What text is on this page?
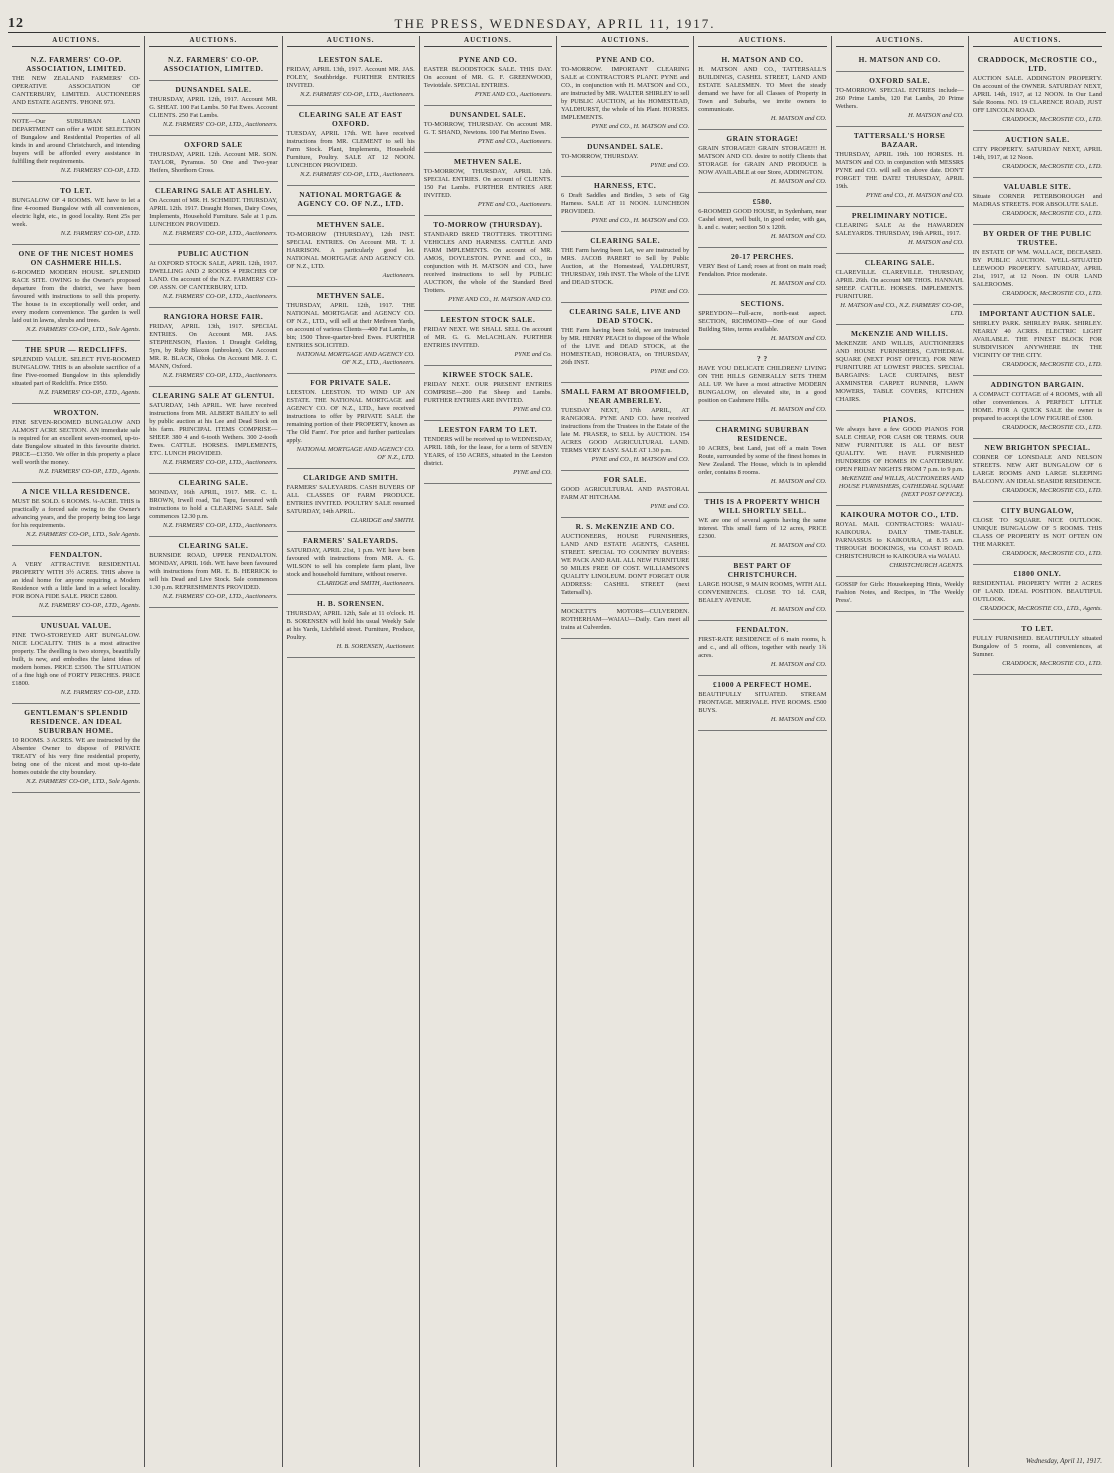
12	THE PRESS, WEDNESDAY, APRIL 11, 1917.
AUCTIONS.
N.Z. FARMERS' CO-OP. ASSOCIATION, LIMITED.

THE NEW ZEALAND FARMERS' CO-OPERATIVE ASSOCIATION OF CANTERBURY, LIMITED. AUCTIONEERS AND ESTATE AGENTS. 'PHONE 973.

NOTE—Our SUBURBAN LAND DEPARTMENT can offer a WIDE SELECTION of Bungalow and Residential Properties of all kinds in and around Christchurch, and intending buyers will be afforded every assistance in fulfilling their requirements.

N.Z. FARMERS' CO-OP., LTD.

TO LET.

BUNGALOW OF 4 ROOMS. WE have to let a fine 4-roomed Bungalow with all conveniences, electric light, etc., in good locality. Rent 25s per week.

N.Z. FARMERS' CO-OP., LTD.

ONE OF THE NICEST HOMES ON CASHMERE HILLS.

6-ROOMED MODERN HOUSE. SPLENDID RACE SITE. OWING to the Owner's proposed departure from the district, we have been favoured with instructions to sell this property. The house is in exceptionally well order, and every modern convenience. The garden is well laid out in lawns, shrubs and trees.

N.Z. FARMERS' CO-OP., LTD., Sole Agents.

THE SPUR — REDCLIFFS.

SPLENDID VALUE. SELECT FIVE-ROOMED BUNGALOW. THIS is an absolute sacrifice of a fine Five-roomed Bungalow in this splendidly situated part of Redcliffs. Price £950.

N.Z. FARMERS' CO-OP., LTD., Agents.

WROXTON.

FINE SEVEN-ROOMED BUNGALOW AND ALMOST ACRE SECTION. AN immediate sale is required for an excellent seven-roomed, up-to-date Bungalow situated in this favourite district. PRICE—£1350. We offer in this property a place well worth the money.

N.Z. FARMERS' CO-OP., LTD., Agents.

A NICE VILLA RESIDENCE.

MUST BE SOLD. 6 ROOMS. ¼-ACRE. THIS is practically a forced sale owing to the Owner's advancing years, and the property being too large for his requirements.

N.Z. FARMERS' CO-OP., LTD., Sole Agents.

FENDALTON.

A VERY ATTRACTIVE RESIDENTIAL PROPERTY WITH 3½ ACRES. THIS above is an ideal home for anyone requiring a Modern Residence with a little land in a select locality. FOR BONA FIDE SALE. PRICE £2800.

N.Z. FARMERS' CO-OP., LTD., Agents.

UNUSUAL VALUE.

FINE TWO-STOREYED ART BUNGALOW. NICE LOCALITY. THIS is a most attractive property. The dwelling is two storeys, beautifully built, is new, and embodies the latest ideas of modern homes. PRICE £3500. The SITUATION of a fine high one of FORTY PERCHES. PRICE £1800.

N.Z. FARMERS' CO-OP., LTD.

GENTLEMAN'S SPLENDID RESIDENCE. AN IDEAL SUBURBAN HOME.

10 ROOMS. 3 ACRES. WE are instructed by the Absentee Owner to dispose of PRIVATE TREATY of his very fine residential property, being one of the nicest and most up-to-date homes outside the city boundary.

N.Z. FARMERS' CO-OP., LTD., Sole Agents.

AUCTIONS.
N.Z. FARMERS' CO-OP. ASSOCIATION, LIMITED.
DUNSANDEL SALE.

THURSDAY, APRIL 12th, 1917. Account MR. G. SHEAT. 100 Fat Lambs. 50 Fat Ewes. Account CLIENTS. 250 Fat Lambs.

N.Z. FARMERS' CO-OP., LTD., Auctioneers.

OXFORD SALE

THURSDAY, APRIL 12th. Account MR. SON. TAYLOR, Pyramus. 50 One and Two-year Heifers, Shorthorn Cross.

CLEARING SALE AT ASHLEY.

On Account of MR. H. SCHMIDT. THURSDAY, APRIL 12th. 1917. Draught Horses, Dairy Cows, Implements, Household Furniture. Sale at 1 p.m. LUNCHEON PROVIDED.

N.Z. FARMERS' CO-OP., LTD., Auctioneers.

PUBLIC AUCTION

At OXFORD STOCK SALE, APRIL 12th, 1917. DWELLING AND 2 ROODS 4 PERCHES OF LAND. On account of the N.Z. FARMERS' CO-OP. ASSN. OF CANTERBURY, LTD.

N.Z. FARMERS' CO-OP., LTD., Auctioneers.

RANGIORA HORSE FAIR.

FRIDAY, APRIL 13th, 1917. SPECIAL ENTRIES. On Account MR. JAS. STEPHENSON, Flaxton. 1 Draught Gelding, 5yrs, by Ruby Blaxon (unbroken). On Account MR. R. BLACK, Ohoka. On Account MR. J. C. MANN, Oxford.

N.Z. FARMERS' CO-OP., LTD., Auctioneers.

CLEARING SALE AT GLENTUI.

SATURDAY, 14th APRIL. WE have received instructions from MR. ALBERT BAILEY to sell by public auction at his Lee and Dead Stock on his farm. PRINCIPAL ITEMS COMPRISE—SHEEP. 380 4 and 6-tooth Wethers. 300 2-tooth Ewes. CATTLE. HORSES. IMPLEMENTS, ETC. LUNCH PROVIDED.

N.Z. FARMERS' CO-OP., LTD., Auctioneers.

CLEARING SALE.

MONDAY, 16th APRIL, 1917. MR. C. L. BROWN, Irwell road, Tai Tapu, favoured with instructions to hold a CLEARING SALE. Sale commences 12.30 p.m.

N.Z. FARMERS' CO-OP., LTD., Auctioneers.

CLEARING SALE.

BURNSIDE ROAD, UPPER FENDALTON. MONDAY, APRIL 16th. WE have been favoured with instructions from MR. E. B. HERRICK to sell his Dead and Live Stock. Sale commences 1.30 p.m. REFRESHMENTS PROVIDED.

N.Z. FARMERS' CO-OP., LTD., Auctioneers.

AUCTIONS.
LEESTON SALE.

FRIDAY, APRIL 13th, 1917. Account MR. JAS. FOLEY, Southbridge. FURTHER ENTRIES INVITED.

N.Z. FARMERS' CO-OP., LTD., Auctioneers.

CLEARING SALE AT EAST OXFORD.

TUESDAY, APRIL 17th. WE have received instructions from MR. CLEMENT to sell his Farm Stock. Plant, Implements, Household Furniture, Poultry. SALE AT 12 NOON. LUNCHEON PROVIDED.

N.Z. FARMERS' CO-OP., LTD., Auctioneers.

NATIONAL MORTGAGE & AGENCY CO. OF N.Z., LTD.
METHVEN SALE.

TO-MORROW (THURSDAY), 12th INST. SPECIAL ENTRIES. On Account MR. T. J. HARRISON. A particularly good lot. NATIONAL MORTGAGE AND AGENCY CO. OF N.Z., LTD.

Auctioneers.

METHVEN SALE.

THURSDAY, APRIL 12th, 1917. THE NATIONAL MORTGAGE and AGENCY CO. OF N.Z., LTD., will sell at their Methven Yards, on account of various Clients—400 Fat Lambs, in bin; 1500 Three-quarter-bred Ewes. FURTHER ENTRIES SOLICITED.

NATIONAL MORTGAGE AND AGENCY CO. OF N.Z., LTD., Auctioneers.

FOR PRIVATE SALE.

LEESTON. LEESTON. TO WIND UP AN ESTATE. THE NATIONAL MORTGAGE and AGENCY CO. OF N.Z., LTD., have received instructions to offer by PRIVATE SALE the remaining portion of their PROPERTY, known as 'The Old Farm'. For price and further particulars apply.

NATIONAL MORTGAGE AND AGENCY CO. OF N.Z., LTD.

CLARIDGE AND SMITH.

FARMERS' SALEYARDS. CASH BUYERS OF ALL CLASSES OF FARM PRODUCE. ENTRIES INVITED. POULTRY SALE resumed SATURDAY, 14th APRIL.

CLARIDGE and SMITH.

FARMERS' SALEYARDS.

SATURDAY, APRIL 21st, 1 p.m. WE have been favoured with instructions from MR. A. G. WILSON to sell his complete farm plant, live stock and household furniture, without reserve.

CLARIDGE and SMITH, Auctioneers.

H. B. SORENSEN.

THURSDAY, APRIL 12th, Sale at 11 o'clock. H. B. SORENSEN will hold his usual Weekly Sale at his Yards, Lichfield street. Furniture, Produce, Poultry.

H. B. SORENSEN, Auctioneer.

AUCTIONS.
PYNE AND CO.

EASTER BLOODSTOCK SALE. THIS DAY. On account of MR. G. F. GREENWOOD, Teviotdale. SPECIAL ENTRIES.

PYNE AND CO., Auctioneers.

DUNSANDEL SALE.

TO-MORROW, THURSDAY. On account MR. G. T. SHAND, Newtons. 100 Fat Merino Ewes.

PYNE and CO., Auctioneers.

METHVEN SALE.

TO-MORROW, THURSDAY, APRIL 12th. SPECIAL ENTRIES. On account of CLIENTS. 150 Fat Lambs. FURTHER ENTRIES ARE INVITED.

PYNE and CO., Auctioneers.

TO-MORROW (THURSDAY).

STANDARD BRED TROTTERS. TROTTING VEHICLES AND HARNESS. CATTLE AND FARM IMPLEMENTS. On account of MR. AMOS, DOYLESTON. PYNE and CO., in conjunction with H. MATSON and CO., have received instructions to sell by PUBLIC AUCTION, the whole of the Standard Bred Trotters.

PYNE AND CO., H. MATSON AND CO.

LEESTON STOCK SALE.

FRIDAY NEXT. WE SHALL SELL On account of MR. G. G. McLACHLAN. FURTHER ENTRIES INVITED.

PYNE and Co.

KIRWEE STOCK SALE.

FRIDAY NEXT. OUR PRESENT ENTRIES COMPRISE—200 Fat Sheep and Lambs. FURTHER ENTRIES ARE INVITED.

PYNE and CO.

LEESTON FARM TO LET.

TENDERS will be received up to WEDNESDAY, APRIL 18th, for the lease, for a term of SEVEN YEARS, of 150 ACRES, situated in the Leeston district.

PYNE and CO.

AUCTIONS.
PYNE AND CO.

TO-MORROW. IMPORTANT CLEARING SALE at CONTRACTOR'S PLANT. PYNE and CO., in conjunction with H. MATSON and CO., are instructed by MR. WALTER SHIRLEY to sell by PUBLIC AUCTION, at his HOMESTEAD, YALDHURST, the whole of his Plant. HORSES. IMPLEMENTS.

PYNE and CO., H. MATSON and CO.

DUNSANDEL SALE.

TO-MORROW, THURSDAY.

PYNE and CO.

HARNESS, ETC.

6 Draft Saddles and Bridles, 3 sets of Gig Harness. SALE AT 11 NOON. LUNCHEON PROVIDED.

PYNE and CO., H. MATSON and CO.

CLEARING SALE.

THE Farm having been Let, we are instructed by MRS. JACOB PARERT to Sell by Public Auction, at the Homestead, YALDHURST, THURSDAY, 19th INST. The Whole of the LIVE and DEAD STOCK.

PYNE and CO.

CLEARING SALE, LIVE AND DEAD STOCK.

THE Farm having been Sold, we are instructed by MR. HENRY PEACH to dispose of the Whole of the LIVE and DEAD STOCK, at the HOMESTEAD, HORORATA, on THURSDAY, 26th INST.

PYNE and CO.

SMALL FARM AT BROOMFIELD, NEAR AMBERLEY.

TUESDAY NEXT, 17th APRIL, AT RANGIORA. PYNE AND CO. have received instructions from the Trustees in the Estate of the late M. FRASER, to SELL by AUCTION. 154 ACRES GOOD AGRICULTURAL LAND. TERMS VERY EASY. SALE AT 1.30 p.m.

PYNE and CO., H. MATSON and CO.

FOR SALE.

GOOD AGRICULTURAL AND PASTORAL FARM AT HITCHAM.

PYNE and CO.

R. S. McKENZIE AND CO.

AUCTIONEERS, HOUSE FURNISHERS, LAND AND ESTATE AGENTS, CASHEL STREET. SPECIAL TO COUNTRY BUYERS: WE PACK AND RAIL ALL NEW FURNITURE 50 MILES FREE OF COST. WILLIAMSON'S QUALITY LINOLEUM. DON'T FORGET OUR ADDRESS: CASHEL STREET (next Tattersall's).

MOCKETT'S MOTORS—CULVERDEN. ROTHERHAM—WAIAU—Daily. Cars meet all trains at Culverden.

AUCTIONS.
H. MATSON AND CO.

H. MATSON AND CO., TATTERSALL'S BUILDINGS, CASHEL STREET, LAND AND ESTATE SALESMEN. TO Meet the steady demand we have for all Classes of Property in Town and Suburbs, we invite owners to communicate.

H. MATSON and CO.

GRAIN STORAGE!

GRAIN STORAGE!! GRAIN STORAGE!!! H. MATSON AND CO. desire to notify Clients that STORAGE for GRAIN AND PRODUCE is NOW AVAILABLE at our Store, ADDINGTON.

H. MATSON and CO.

£580.

6-ROOMED GOOD HOUSE, in Sydenham, near Cashel street, well built, in good order, with gas, h. and c. water; section 50 x 120ft.

H. MATSON and CO.

20-17 PERCHES.

VERY Best of Land; roses at front on main road; Fendalton. Price moderate.

H. MATSON and CO.

SECTIONS.

SPREYDON—Full-acre, north-east aspect. SECTION, RICHMOND—One of our Good Building Sites, terms available.

H. MATSON and CO.

? ?

HAVE YOU DELICATE CHILDREN? LIVING ON THE HILLS GENERALLY SETS THEM ALL UP. We have a most attractive MODERN BUNGALOW, on elevated site, in a good position on Cashmere Hills.

H. MATSON and CO.

CHARMING SUBURBAN RESIDENCE.

10 ACRES, best Land, just off a main Town Route, surrounded by some of the finest homes in New Zealand. The House, which is in splendid order, contains 8 rooms.

H. MATSON and CO.

THIS IS A PROPERTY WHICH WILL SHORTLY SELL.

WE are one of several agents having the same interest. This small farm of 12 acres, PRICE £2300.

H. MATSON and CO.

BEST PART OF CHRISTCHURCH.

LARGE HOUSE, 9 MAIN ROOMS, WITH ALL CONVENIENCES. CLOSE TO 1d. CAR, BEALEY AVENUE.

H. MATSON and CO.

FENDALTON.

FIRST-RATE RESIDENCE of 6 main rooms, h. and c., and all offices, together with nearly 1¾ acres.

H. MATSON and CO.

£1000 A PERFECT HOME.

BEAUTIFULLY SITUATED. STREAM FRONTAGE. MERIVALE. FIVE ROOMS. £500 BUYS.

H. MATSON and CO.

AUCTIONS.
H. MATSON AND CO.
OXFORD SALE.

TO-MORROW. SPECIAL ENTRIES include—260 Prime Lambs, 120 Fat Lambs, 20 Prime Wethers.

H. MATSON and CO.

TATTERSALL'S HORSE BAZAAR.

THURSDAY, APRIL 19th. 100 HORSES. H. MATSON and CO. in conjunction with MESSRS PYNE and CO. will sell on above date. DON'T FORGET THE DATE! THURSDAY, APRIL 19th.

PYNE and CO., H. MATSON and CO.

PRELIMINARY NOTICE.

CLEARING SALE At the HAWARDEN SALEYARDS. THURSDAY, 19th APRIL, 1917.

H. MATSON and CO.

CLEARING SALE.

CLAREVILLE. CLAREVILLE. THURSDAY, APRIL 26th. On account MR THOS. HANNAH. SHEEP. CATTLE. HORSES. IMPLEMENTS. FURNITURE.

H. MATSON and CO., N.Z. FARMERS' CO-OP., LTD.

McKENZIE AND WILLIS.

McKENZIE AND WILLIS, AUCTIONEERS AND HOUSE FURNISHERS, CATHEDRAL SQUARE (NEXT POST OFFICE). FOR NEW FURNITURE AT LOWEST PRICES. SPECIAL BARGAINS: LACE CURTAINS, BEST AXMINSTER CARPET RUNNER, LAWN MOWERS, TABLE COVERS, KITCHEN CHAIRS.

PIANOS.

We always have a few GOOD PIANOS FOR SALE CHEAP, FOR CASH OR TERMS. OUR NEW FURNITURE IS ALL OF BEST QUALITY. WE HAVE FURNISHED HUNDREDS OF HOMES IN CANTERBURY. OPEN FRIDAY NIGHTS FROM 7 p.m. to 9 p.m.

McKENZIE and WILLIS, AUCTIONEERS AND HOUSE FURNISHERS, CATHEDRAL SQUARE (NEXT POST OFFICE).

KAIKOURA MOTOR CO., LTD.

ROYAL MAIL CONTRACTORS: WAIAU-KAIKOURA. DAILY TIME-TABLE. PARNASSUS to KAIKOURA, at 8.15 a.m. THROUGH BOOKINGS, via COAST ROAD. CHRISTCHURCH to KAIKOURA via WAIAU.

CHRISTCHURCH AGENTS.

GOSSIP for Girls: Housekeeping Hints, Weekly Fashion Notes, and Recipes, in 'The Weekly Press'.

AUCTIONS.
CRADDOCK, McCROSTIE CO., LTD.

AUCTION SALE. ADDINGTON PROPERTY. On account of the OWNER. SATURDAY NEXT, APRIL 14th, 1917, at 12 NOON. In Our Land Sale Rooms. NO. 19 CLARENCE ROAD, JUST OFF LINCOLN ROAD.

CRADDOCK, McCROSTIE CO., LTD.

AUCTION SALE.

CITY PROPERTY. SATURDAY NEXT, APRIL 14th, 1917, at 12 Noon.

CRADDOCK, McCROSTIE CO., LTD.

VALUABLE SITE.

Situate CORNER PETERBOROUGH and MADRAS STREETS. FOR ABSOLUTE SALE.

CRADDOCK, McCROSTIE CO., LTD.

BY ORDER OF THE PUBLIC TRUSTEE.

IN ESTATE OF WM. WALLACE, DECEASED. BY PUBLIC AUCTION. WELL-SITUATED LEEWOOD PROPERTY. SATURDAY, APRIL 21st, 1917, at 12 Noon. IN OUR LAND SALEROOMS.

CRADDOCK, McCROSTIE CO., LTD.

IMPORTANT AUCTION SALE.

SHIRLEY PARK. SHIRLEY PARK. SHIRLEY. NEARLY 40 ACRES. ELECTRIC LIGHT AVAILABLE. THE FINEST BLOCK FOR SUBDIVISION ANYWHERE IN THE VICINITY OF THE CITY.

CRADDOCK, McCROSTIE CO., LTD.

ADDINGTON BARGAIN.

A COMPACT COTTAGE of 4 ROOMS, with all other conveniences. A PERFECT LITTLE HOME. FOR A QUICK SALE the owner is prepared to accept the LOW FIGURE of £300.

CRADDOCK, McCROSTIE CO., LTD.

NEW BRIGHTON SPECIAL.

CORNER OF LONSDALE AND NELSON STREETS. NEW ART BUNGALOW OF 6 LARGE ROOMS AND LARGE SLEEPING BALCONY. AN IDEAL SEASIDE RESIDENCE.

CRADDOCK, McCROSTIE CO., LTD.

CITY BUNGALOW,

CLOSE TO SQUARE. NICE OUTLOOK. UNIQUE BUNGALOW OF 5 ROOMS. THIS CLASS OF PROPERTY IS NOT OFTEN ON THE MARKET.

CRADDOCK, McCROSTIE CO., LTD.

£1800 ONLY.

RESIDENTIAL PROPERTY WITH 2 ACRES OF LAND. IDEAL POSITION. BEAUTIFUL OUTLOOK.

CRADDOCK, McCROSTIE CO., LTD., Agents.

TO LET.

FULLY FURNISHED. BEAUTIFULLY situated Bungalow of 5 rooms, all conveniences, at Sumner.

CRADDOCK, McCROSTIE CO., LTD.

Wednesday, April 11, 1917.
